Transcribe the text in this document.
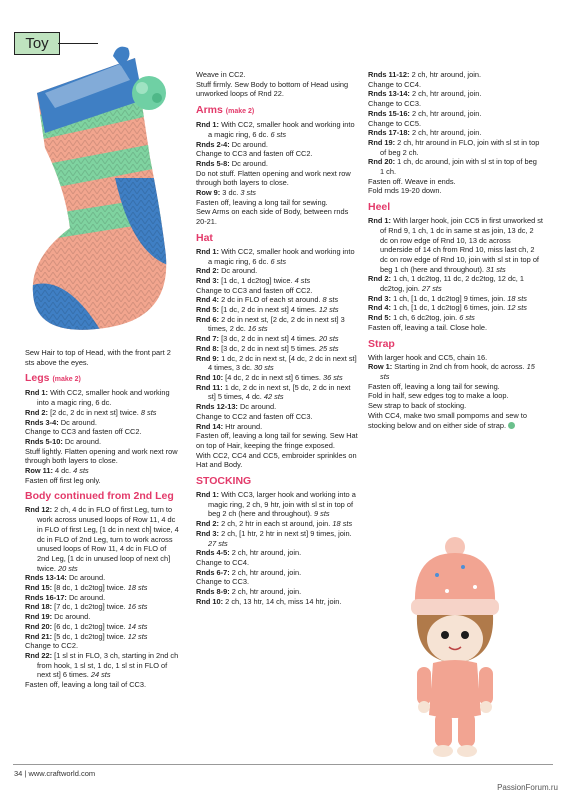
Toy

Sew Hair to top of Head, with the front part 2 sts above the eyes.

Legs (make 2)

Rnd 1: With CC2, smaller hook and working into a magic ring, 6 dc.

Rnd 2: [2 dc, 2 dc in next st] twice. 8 sts

Rnds 3-4: Dc around.

Change to CC3 and fasten off CC2.

Rnds 5-10: Dc around.

Stuff lightly. Flatten opening and work next row through both layers to close.

Row 11: 4 dc. 4 sts

Fasten off first leg only.

Body continued from 2nd Leg

Rnd 12: 2 ch, 4 dc in FLO of first Leg, turn to work across unused loops of Row 11, 4 dc in FLO of first Leg, [1 dc in next ch] twice, 4 dc in FLO of 2nd Leg, turn to work across unused loops of Row 11, 4 dc in FLO of 2nd Leg, [1 dc in unused loop of next ch] twice. 20 sts

Rnds 13-14: Dc around.

Rnd 15: [8 dc, 1 dc2tog] twice. 18 sts

Rnds 16-17: Dc around.

Rnd 18: [7 dc, 1 dc2tog] twice. 16 sts

Rnd 19: Dc around.

Rnd 20: [6 dc, 1 dc2tog] twice. 14 sts

Rnd 21: [5 dc, 1 dc2tog] twice. 12 sts

Change to CC2.

Rnd 22: [1 sl st in FLO, 3 ch, starting in 2nd ch from hook, 1 sl st, 1 dc, 1 sl st in FLO of next st] 6 times. 24 sts

Fasten off, leaving a long tail of CC3.

Weave in CC2.

Stuff firmly. Sew Body to bottom of Head using unworked loops of Rnd 22.

Arms (make 2)

Rnd 1: With CC2, smaller hook and working into a magic ring, 6 dc. 6 sts

Rnds 2-4: Dc around.

Change to CC3 and fasten off CC2.

Rnds 5-8: Dc around.

Do not stuff. Flatten opening and work next row through both layers to close.

Row 9: 3 dc. 3 sts

Fasten off, leaving a long tail for sewing.

Sew Arms on each side of Body, between rnds 20-21.

Hat

Rnd 1: With CC2, smaller hook and working into a magic ring, 6 dc. 6 sts

Rnd 2: Dc around.

Rnd 3: [1 dc, 1 dc2tog] twice. 4 sts

Change to CC3 and fasten off CC2.

Rnd 4: 2 dc in FLO of each st around. 8 sts

Rnd 5: [1 dc, 2 dc in next st] 4 times. 12 sts

Rnd 6: 2 dc in next st, [2 dc, 2 dc in next st] 3 times, 2 dc. 16 sts

Rnd 7: [3 dc, 2 dc in next st] 4 times. 20 sts

Rnd 8: [3 dc, 2 dc in next st] 5 times. 25 sts

Rnd 9: 1 dc, 2 dc in next st, [4 dc, 2 dc in next st] 4 times, 3 dc. 30 sts

Rnd 10: [4 dc, 2 dc in next st] 6 times. 36 sts

Rnd 11: 1 dc, 2 dc in next st, [5 dc, 2 dc in next st] 5 times, 4 dc. 42 sts

Rnds 12-13: Dc around.

Change to CC2 and fasten off CC3.

Rnd 14: Htr around.

Fasten off, leaving a long tail for sewing. Sew Hat on top of Hair, keeping the fringe exposed.

With CC2, CC4 and CC5, embroider sprinkles on Hat and Body.

STOCKING

Rnd 1: With CC3, larger hook and working into a magic ring, 2 ch, 9 htr, join with sl st in top of beg 2 ch (here and throughout). 9 sts

Rnd 2: 2 ch, 2 htr in each st around, join. 18 sts

Rnd 3: 2 ch, [1 htr, 2 htr in next st] 9 times, join. 27 sts

Rnds 4-5: 2 ch, htr around, join.

Change to CC4.

Rnds 6-7: 2 ch, htr around, join.

Change to CC3.

Rnds 8-9: 2 ch, htr around, join.

Rnd 10: 2 ch, 13 htr, 14 ch, miss 14 htr, join.

Rnds 11-12: 2 ch, htr around, join.

Change to CC4.

Rnds 13-14: 2 ch, htr around, join.

Change to CC3.

Rnds 15-16: 2 ch, htr around, join.

Change to CC5.

Rnds 17-18: 2 ch, htr around, join.

Rnd 19: 2 ch, htr around in FLO, join with sl st in top of beg 2 ch.

Rnd 20: 1 ch, dc around, join with sl st in top of beg 1 ch.

Fasten off. Weave in ends.

Fold rnds 19-20 down.

Heel

Rnd 1: With larger hook, join CC5 in first unworked st of Rnd 9, 1 ch, 1 dc in same st as join, 13 dc, 2 dc on row edge of Rnd 10, 13 dc across underside of 14 ch from Rnd 10, miss last ch, 2 dc on row edge of Rnd 10, join with sl st in top of beg 1 ch (here and throughout). 31 sts

Rnd 2: 1 ch, 1 dc2tog, 11 dc, 2 dc2tog, 12 dc, 1 dc2tog, join. 27 sts

Rnd 3: 1 ch, [1 dc, 1 dc2tog] 9 times, join. 18 sts

Rnd 4: 1 ch, [1 dc, 1 dc2tog] 6 times, join. 12 sts

Rnd 5: 1 ch, 6 dc2tog, join. 6 sts

Fasten off, leaving a tail. Close hole.

Strap

With larger hook and CC5, chain 16.

Row 1: Starting in 2nd ch from hook, dc across. 15 sts

Fasten off, leaving a long tail for sewing.

Fold in half, sew edges tog to make a loop.

Sew strap to back of stocking.

With CC4, make two small pompoms and sew to stocking below and on either side of strap.

34 | www.craftworld.com
PassionForum.ru
